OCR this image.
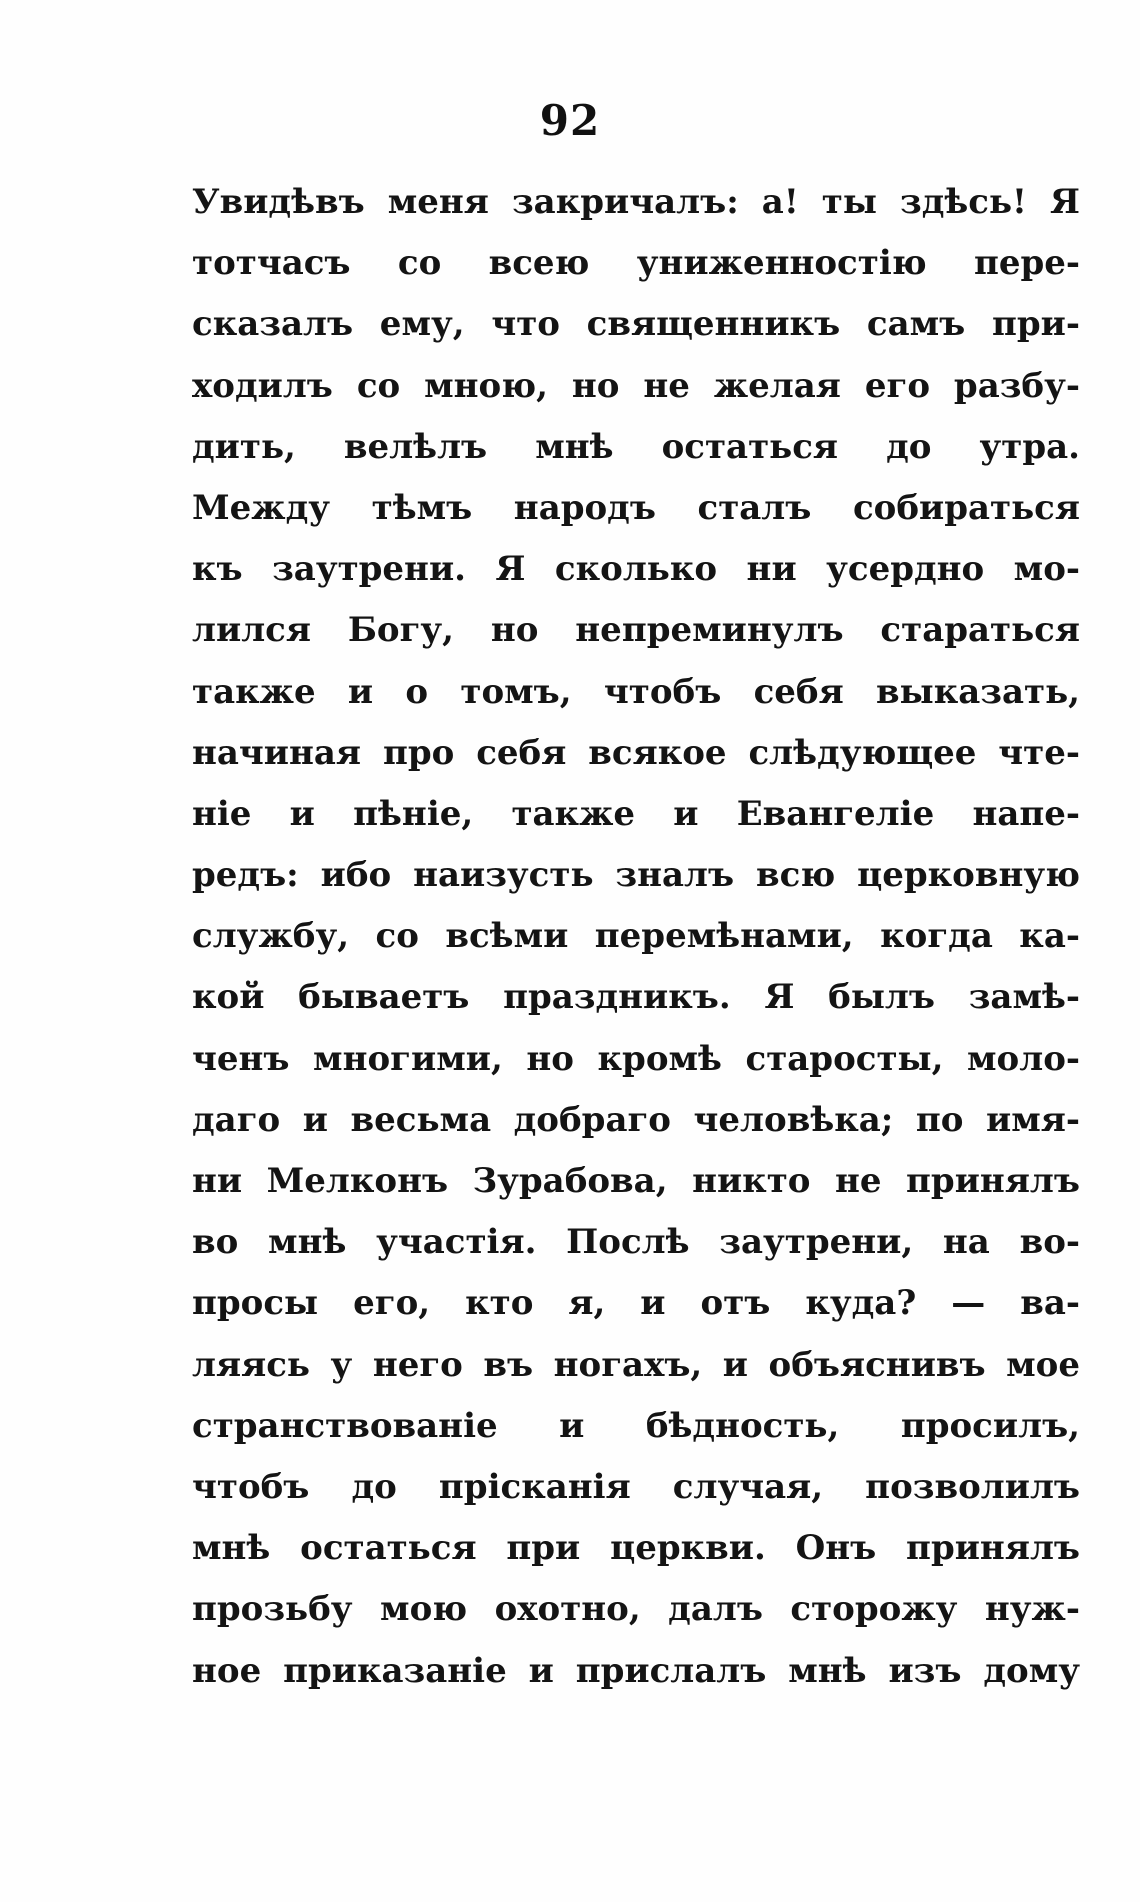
92
Увидѣвъ меня закричалъ: а! ты здѣсь! Я
тотчасъ со всею униженностію пере-
сказалъ ему, что священникъ самъ при-
ходилъ со мною, но не желая его разбу-
дить, велѣлъ мнѣ остаться до утра.
Между тѣмъ народъ сталъ собираться
къ заутрени. Я сколько ни усердно мо-
лился Богу, но непреминулъ стараться
также и о томъ, чтобъ себя выказать,
начиная про себя всякое слѣдующее чте-
ніе и пѣніе, также и Евангеліе напе-
редъ: ибо наизусть зналъ всю церковную
службу, со всѣми перемѣнами, когда ка-
кой бываетъ праздникъ. Я былъ замѣ-
ченъ многими, но кромѣ старосты, моло-
даго и весьма добраго человѣка; по имя-
ни Мелконъ Зурабова, никто не принялъ
во мнѣ участія. Послѣ заутрени, на во-
просы его, кто я, и отъ куда? — ва-
ляясь у него въ ногахъ, и объяснивъ мое
странствованіе и бѣдность, просилъ,
чтобъ до прісканія случая, позволилъ
мнѣ остаться при церкви. Онъ принялъ
прозьбу мою охотно, далъ сторожу нуж-
ное приказаніе и прислалъ мнѣ изъ дому
